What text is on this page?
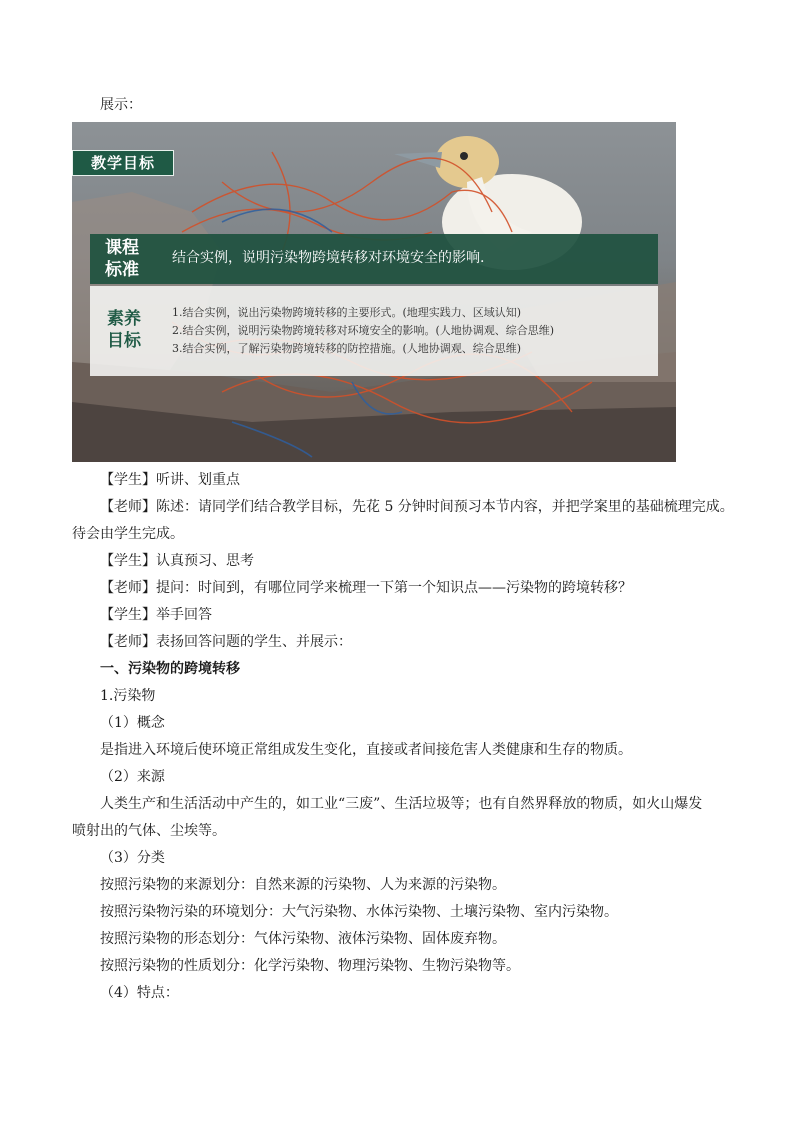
展示：
教学目标
课程标准
结合实例，说明污染物跨境转移对环境安全的影响.
素养目标
1.结合实例，说出污染物跨境转移的主要形式。(地理实践力、区域认知)
2.结合实例，说明污染物跨境转移对环境安全的影响。(人地协调观、综合思维)
3.结合实例，了解污染物跨境转移的防控措施。(人地协调观、综合思维)
【学生】听讲、划重点
【老师】陈述：请同学们结合教学目标，先花 5 分钟时间预习本节内容，并把学案里的基础梳理完成。
待会由学生完成。
【学生】认真预习、思考
【老师】提问：时间到，有哪位同学来梳理一下第一个知识点——污染物的跨境转移？
【学生】举手回答
【老师】表扬回答问题的学生、并展示：
一、污染物的跨境转移
1.污染物
（1）概念
是指进入环境后使环境正常组成发生变化，直接或者间接危害人类健康和生存的物质。
（2）来源
人类生产和生活活动中产生的，如工业“三废”、生活垃圾等；也有自然界释放的物质，如火山爆发
喷射出的气体、尘埃等。
（3）分类
按照污染物的来源划分：自然来源的污染物、人为来源的污染物。
按照污染物污染的环境划分：大气污染物、水体污染物、土壤污染物、室内污染物。
按照污染物的形态划分：气体污染物、液体污染物、固体废弃物。
按照污染物的性质划分：化学污染物、物理污染物、生物污染物等。
（4）特点：
